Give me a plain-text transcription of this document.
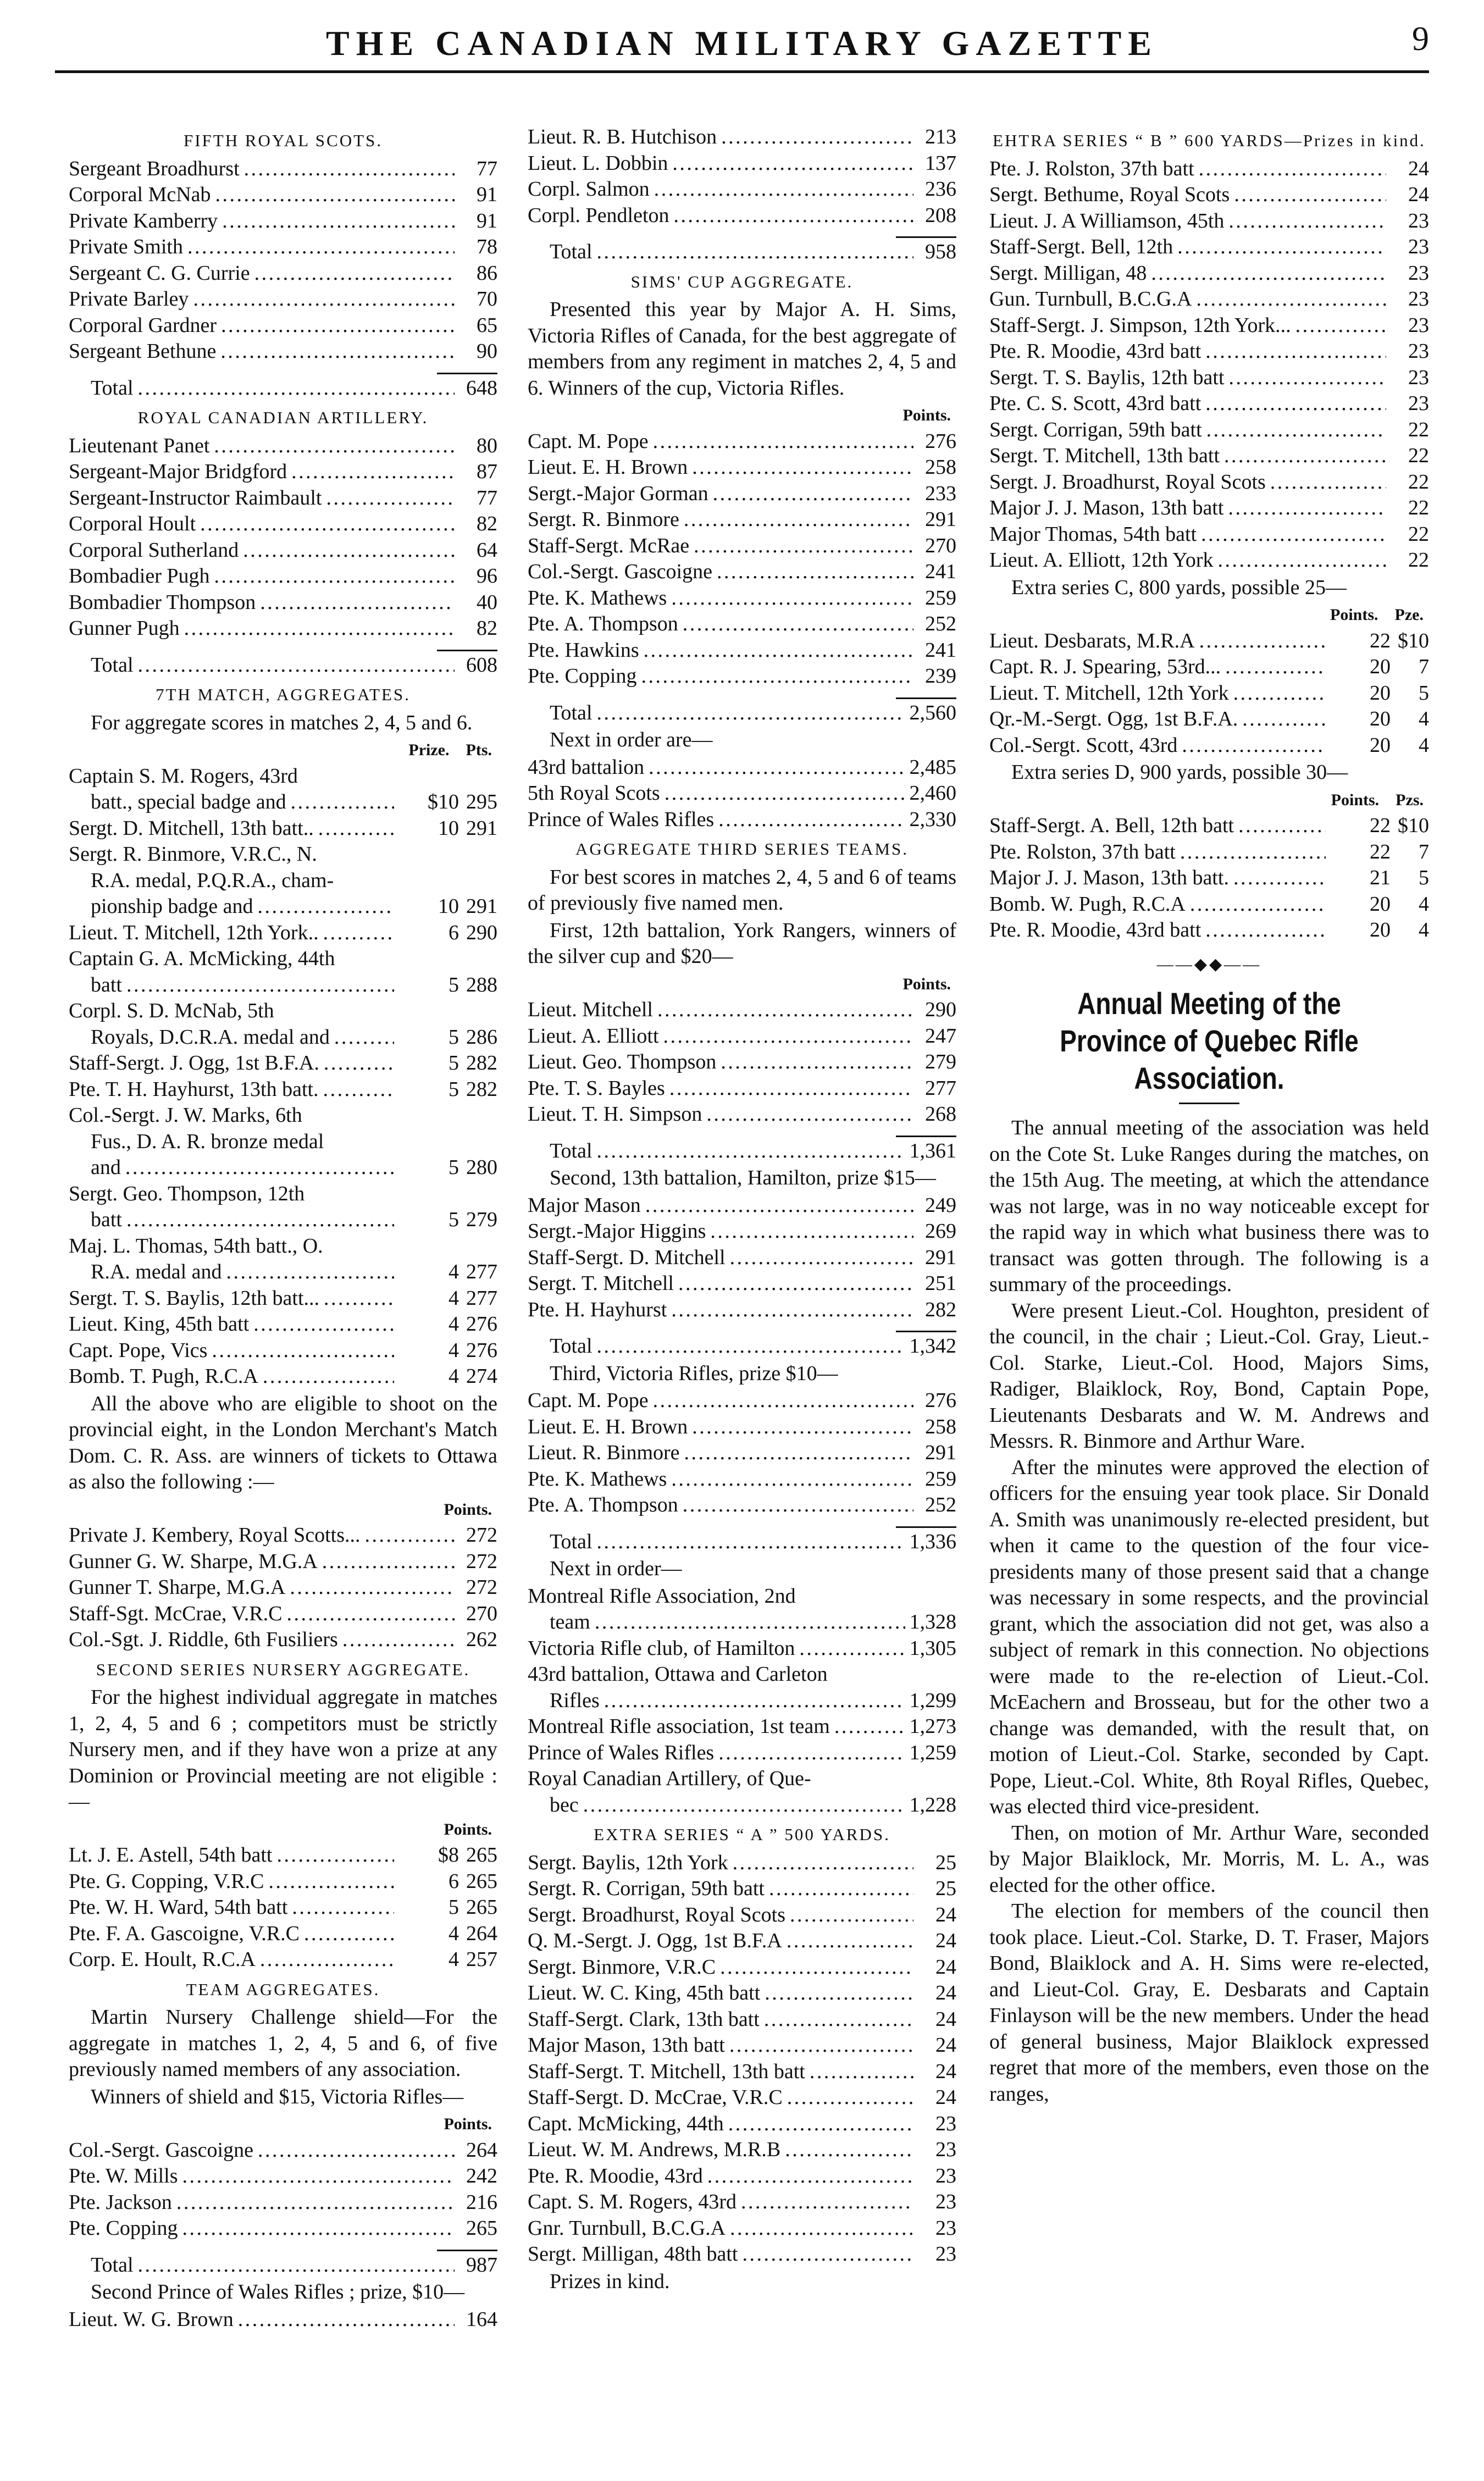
THE CANADIAN MILITARY GAZETTE	9
FIFTH ROYAL SCOTS.
Sergeant Broadhurst . . .	77
Corporal McNab . . .	91
Private Kamberry . . .	91
Private Smith . . .	78
Sergeant C. G. Currie . . .	86
Private Barley . . .	70
Corporal Gardner . . .	65
Sergeant Bethune . . .	90
Total . . .	648
ROYAL CANADIAN ARTILLERY.
Lieutenant Panet . . .	80
Sergeant-Major Bridgford . . .	87
Sergeant-Instructor Raimbault . . .	77
Corporal Hoult . . .	82
Corporal Sutherland . . .	64
Bombadier Pugh . . .	96
Bombadier Thompson . . .	40
Gunner Pugh . . .	82
Total . . .	608
7TH MATCH, AGGREGATES.
For aggregate scores in matches 2, 4, 5 and 6.
Prize. Pts.
Captain S. M. Rogers, 43rd
batt., special badge and . . .	$10 295
Sergt. D. Mitchell, 13th batt.. . . .	10 291
Sergt. R. Binmore, V.R.C., N.
R.A. medal, P.Q.R.A., cham-
pionship badge and . . .	10 291
Lieut. T. Mitchell, 12th York.. . . .	6 290
Captain G. A. McMicking, 44th
batt . . .	5 288
Corpl. S. D. McNab, 5th
Royals, D.C.R.A. medal and . . .	5 286
Staff-Sergt. J. Ogg, 1st B.F.A. . . .	5 282
Pte. T. H. Hayhurst, 13th batt. . . .	5 282
Col.-Sergt. J. W. Marks, 6th
Fus., D. A. R. bronze medal
and . . .	5 280
Sergt. Geo. Thompson, 12th
batt . . .	5 279
Maj. L. Thomas, 54th batt., O.
R.A. medal and . . .	4 277
Sergt. T. S. Baylis, 12th batt... . . .	4 277
Lieut. King, 45th batt . . .	4 276
Capt. Pope, Vics . . .	4 276
Bomb. T. Pugh, R.C.A . . .	4 274
All the above who are eligible to shoot on the provincial eight, in the London Merchant's Match Dom. C. R. Ass. are winners of tickets to Ottawa as also the following :—
Points.
Private J. Kembery, Royal Scotts... . . .	272
Gunner G. W. Sharpe, M.G.A . . .	272
Gunner T. Sharpe, M.G.A . . .	272
Staff-Sgt. McCrae, V.R.C . . .	270
Col.-Sgt. J. Riddle, 6th Fusiliers . . .	262
SECOND SERIES NURSERY AGGREGATE.
For the highest individual aggregate in matches 1, 2, 4, 5 and 6 ; competitors must be strictly Nursery men, and if they have won a prize at any Dominion or Provincial meeting are not eligible :—
Points.
Lt. J. E. Astell, 54th batt . . .	$8 265
Pte. G. Copping, V.R.C . . .	6 265
Pte. W. H. Ward, 54th batt . . .	5 265
Pte. F. A. Gascoigne, V.R.C . . .	4 264
Corp. E. Hoult, R.C.A . . .	4 257
TEAM AGGREGATES.
Martin Nursery Challenge shield—For the aggregate in matches 1, 2, 4, 5 and 6, of five previously named members of any association.
Winners of shield and $15, Victoria Rifles—
Points.
Col.-Sergt. Gascoigne . . .	264
Pte. W. Mills . . .	242
Pte. Jackson . . .	216
Pte. Copping . . .	265
Total . . .	987
Second Prince of Wales Rifles ; prize, $10—
Lieut. W. G. Brown . . .	164
Lieut. R. B. Hutchison . . .	213
Lieut. L. Dobbin . . .	137
Corpl. Salmon . . .	236
Corpl. Pendleton . . .	208
Total . . .	958
SIMS' CUP AGGREGATE.
Presented this year by Major A. H. Sims, Victoria Rifles of Canada, for the best aggregate of members from any regiment in matches 2, 4, 5 and 6. Winners of the cup, Victoria Rifles.
Points.
Capt. M. Pope . . .	276
Lieut. E. H. Brown . . .	258
Sergt.-Major Gorman . . .	233
Sergt. R. Binmore . . .	291
Staff-Sergt. McRae . . .	270
Col.-Sergt. Gascoigne . . .	241
Pte. K. Mathews . . .	259
Pte. A. Thompson . . .	252
Pte. Hawkins . . .	241
Pte. Copping . . .	239
Total . . .	2,560
Next in order are—
43rd battalion . . .	2,485
5th Royal Scots . . .	2,460
Prince of Wales Rifles . . .	2,330
AGGREGATE THIRD SERIES TEAMS.
For best scores in matches 2, 4, 5 and 6 of teams of previously five named men.
First, 12th battalion, York Rangers, winners of the silver cup and $20—
Points.
Lieut. Mitchell . . .	290
Lieut. A. Elliott . . .	247
Lieut. Geo. Thompson . . .	279
Pte. T. S. Bayles . . .	277
Lieut. T. H. Simpson . . .	268
Total . . .	1,361
Second, 13th battalion, Hamilton, prize $15—
Major Mason . . .	249
Sergt.-Major Higgins . . .	269
Staff-Sergt. D. Mitchell . . .	291
Sergt. T. Mitchell . . .	251
Pte. H. Hayhurst . . .	282
Total . . .	1,342
Third, Victoria Rifles, prize $10—
Capt. M. Pope . . .	276
Lieut. E. H. Brown . . .	258
Lieut. R. Binmore . . .	291
Pte. K. Mathews . . .	259
Pte. A. Thompson . . .	252
Total . . .	1,336
Next in order—
Montreal Rifle Association, 2nd
team . . .	1,328
Victoria Rifle club, of Hamilton . . .	1,305
43rd battalion, Ottawa and Carleton
Rifles . . .	1,299
Montreal Rifle association, 1st team . . .	1,273
Prince of Wales Rifles . . .	1,259
Royal Canadian Artillery, of Que-
bec . . .	1,228
EXTRA SERIES “ A ” 500 YARDS.
Sergt. Baylis, 12th York . . .	25
Sergt. R. Corrigan, 59th batt . . .	25
Sergt. Broadhurst, Royal Scots . . .	24
Q. M.-Sergt. J. Ogg, 1st B.F.A . . .	24
Sergt. Binmore, V.R.C . . .	24
Lieut. W. C. King, 45th batt . . .	24
Staff-Sergt. Clark, 13th batt . . .	24
Major Mason, 13th batt . . .	24
Staff-Sergt. T. Mitchell, 13th batt . . .	24
Staff-Sergt. D. McCrae, V.R.C . . .	24
Capt. McMicking, 44th . . .	23
Lieut. W. M. Andrews, M.R.B . . .	23
Pte. R. Moodie, 43rd . . .	23
Capt. S. M. Rogers, 43rd . . .	23
Gnr. Turnbull, B.C.G.A . . .	23
Sergt. Milligan, 48th batt . . .	23
Prizes in kind.
EHTRA SERIES “ B ” 600 YARDS—Prizes in kind.
Pte. J. Rolston, 37th batt . . .	24
Sergt. Bethume, Royal Scots . . .	24
Lieut. J. A Williamson, 45th . . .	23
Staff-Sergt. Bell, 12th . . .	23
Sergt. Milligan, 48 . . .	23
Gun. Turnbull, B.C.G.A . . .	23
Staff-Sergt. J. Simpson, 12th York... . . .	23
Pte. R. Moodie, 43rd batt . . .	23
Sergt. T. S. Baylis, 12th batt . . .	23
Pte. C. S. Scott, 43rd batt . . .	23
Sergt. Corrigan, 59th batt . . .	22
Sergt. T. Mitchell, 13th batt . . .	22
Sergt. J. Broadhurst, Royal Scots . . .	22
Major J. J. Mason, 13th batt . . .	22
Major Thomas, 54th batt . . .	22
Lieut. A. Elliott, 12th York . . .	22
Extra series C, 800 yards, possible 25—
Points. Pze.
Lieut. Desbarats, M.R.A . . .	22 $10
Capt. R. J. Spearing, 53rd... . . .	20	7
Lieut. T. Mitchell, 12th York . . .	20	5
Qr.-M.-Sergt. Ogg, 1st B.F.A. . . .	20	4
Col.-Sergt. Scott, 43rd . . .	20	4
Extra series D, 900 yards, possible 30—
Points. Pzs.
Staff-Sergt. A. Bell, 12th batt . . .	22 $10
Pte. Rolston, 37th batt . . .	22	7
Major J. J. Mason, 13th batt. . . .	21	5
Bomb. W. Pugh, R.C.A . . .	20	4
Pte. R. Moodie, 43rd batt . . .	20	4
——◆◆——
Annual Meeting of the Province of Quebec Rifle Association.

The annual meeting of the association was held on the Cote St. Luke Ranges during the matches, on the 15th Aug. The meeting, at which the attendance was not large, was in no way noticeable except for the rapid way in which what business there was to transact was gotten through. The following is a summary of the proceedings.

Were present Lieut.-Col. Houghton, president of the council, in the chair ; Lieut.-Col. Gray, Lieut.-Col. Starke, Lieut.-Col. Hood, Majors Sims, Radiger, Blaiklock, Roy, Bond, Captain Pope, Lieutenants Desbarats and W. M. Andrews and Messrs. R. Binmore and Arthur Ware.

After the minutes were approved the election of officers for the ensuing year took place. Sir Donald A. Smith was unanimously re-elected president, but when it came to the question of the four vice-presidents many of those present said that a change was necessary in some respects, and the provincial grant, which the association did not get, was also a subject of remark in this connection. No objections were made to the re-election of Lieut.-Col. McEachern and Brosseau, but for the other two a change was demanded, with the result that, on motion of Lieut.-Col. Starke, seconded by Capt. Pope, Lieut.-Col. White, 8th Royal Rifles, Quebec, was elected third vice-president.

Then, on motion of Mr. Arthur Ware, seconded by Major Blaiklock, Mr. Morris, M. L. A., was elected for the other office.

The election for members of the council then took place. Lieut.-Col. Starke, D. T. Fraser, Majors Bond, Blaiklock and A. H. Sims were re-elected, and Lieut-Col. Gray, E. Desbarats and Captain Finlayson will be the new members. Under the head of general business, Major Blaiklock expressed regret that more of the members, even those on the ranges,
